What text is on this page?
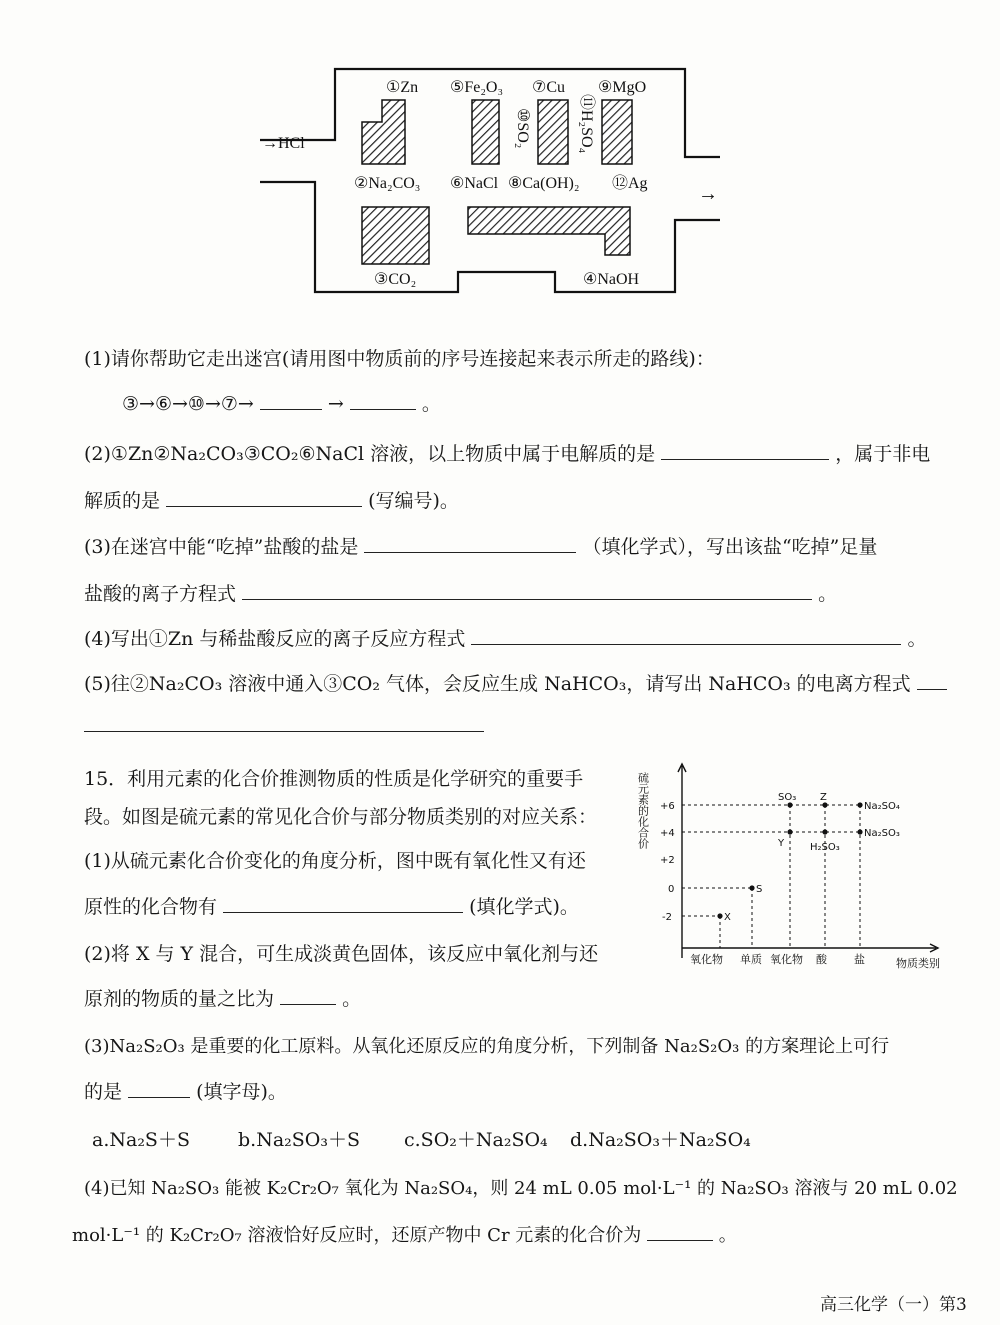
→HCl
①Zn ⑤Fe₂O₃ ⑦Cu ⑨MgO
⑩SO₂	⑪H₂SO₄
②Na₂CO₃ ⑥NaCl ⑧Ca(OH)₂ ⑫Ag
③CO₂	④NaOH
→
(1)请你帮助它走出迷宫(请用图中物质前的序号连接起来表示所走的路线)：
③→⑥→⑩→⑦→	→	。
(2)①Zn②Na₂CO₃③CO₂⑥NaCl 溶液，以上物质中属于电解质的是	，属于非电
解质的是	(写编号)。
(3)在迷宫中能“吃掉”盐酸的盐是	（填化学式），写出该盐“吃掉”足量
盐酸的离子方程式	。
(4)写出①Zn 与稀盐酸反应的离子反应方程式	。
(5)往②Na₂CO₃ 溶液中通入③CO₂ 气体，会反应生成 NaHCO₃，请写出 NaHCO₃ 的电离方程式
15．利用元素的化合价推测物质的性质是化学研究的重要手
段。如图是硫元素的常见化合价与部分物质类别的对应关系：
(1)从硫元素化合价变化的角度分析，图中既有氧化性又有还
原性的化合物有	(填化学式)。
(2)将 X 与 Y 混合，可生成淡黄色固体，该反应中氧化剂与还
原剂的物质的量之比为	。
(3)Na₂S₂O₃ 是重要的化工原料。从氧化还原反应的角度分析，下列制备 Na₂S₂O₃ 的方案理论上可行
的是	(填字母)。
a.Na₂S＋S	b.Na₂SO₃＋S c.SO₂＋Na₂SO₄ d.Na₂SO₃＋Na₂SO₄
(4)已知 Na₂SO₃ 能被 K₂Cr₂O₇ 氧化为 Na₂SO₄，则 24 mL 0.05 mol·L⁻¹ 的 Na₂SO₃ 溶液与 20 mL 0.02
mol·L⁻¹ 的 K₂Cr₂O₇ 溶液恰好反应时，还原产物中 Cr 元素的化合价为	。
硫元素的化合价 +6
+4
+2
0
-2
SO₃ Z
Na₂SO₄
Y	H₂SO₃
Na₂SO₃
S
X
氧化物 单质 氧化物 酸 盐	物质类别
高三化学（一）第3
